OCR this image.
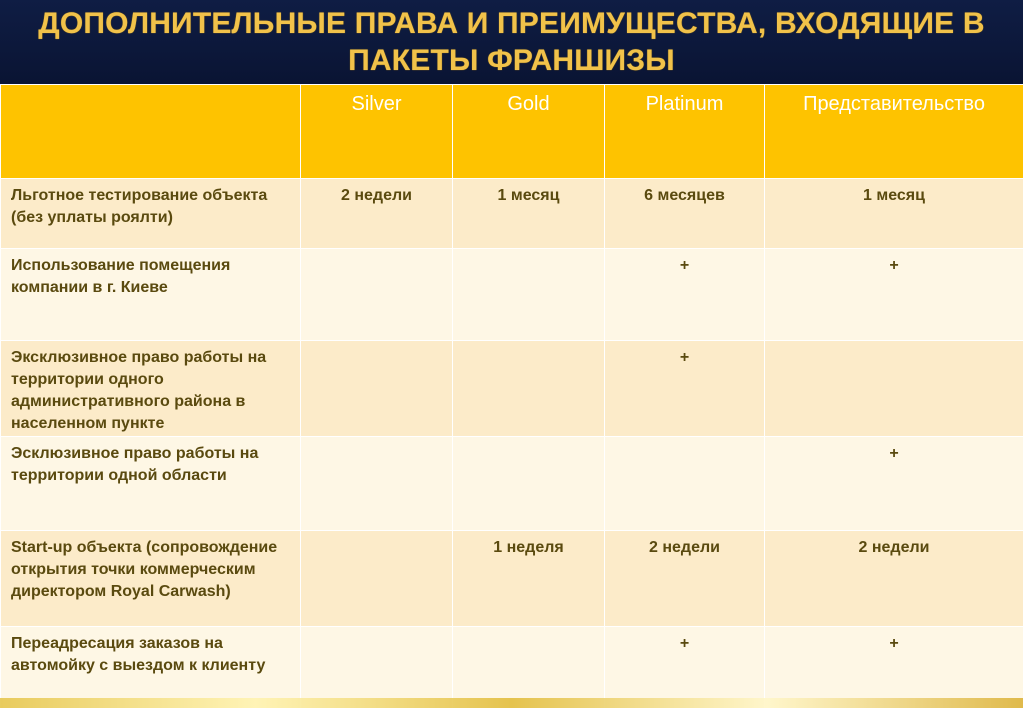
ДОПОЛНИТЕЛЬНЫЕ ПРАВА И ПРЕИМУЩЕСТВА, ВХОДЯЩИЕ В ПАКЕТЫ ФРАНШИЗЫ
	Silver	Gold	Platinum	Представительство
Льготное тестирование объекта (без уплаты роялти)	2 недели	1 месяц	6 месяцев	1 месяц
Использование помещения компании в г. Киеве			+	+
Эксклюзивное право работы на территории одного административного района в населенном пункте			+	
Эсклюзивное право работы на территории одной области				+
Start-up объекта (сопровождение открытия точки коммерческим директором Royal Carwash)		1 неделя	2 недели	2 недели
Переадресация заказов на автомойку с выездом к клиенту			+	+
